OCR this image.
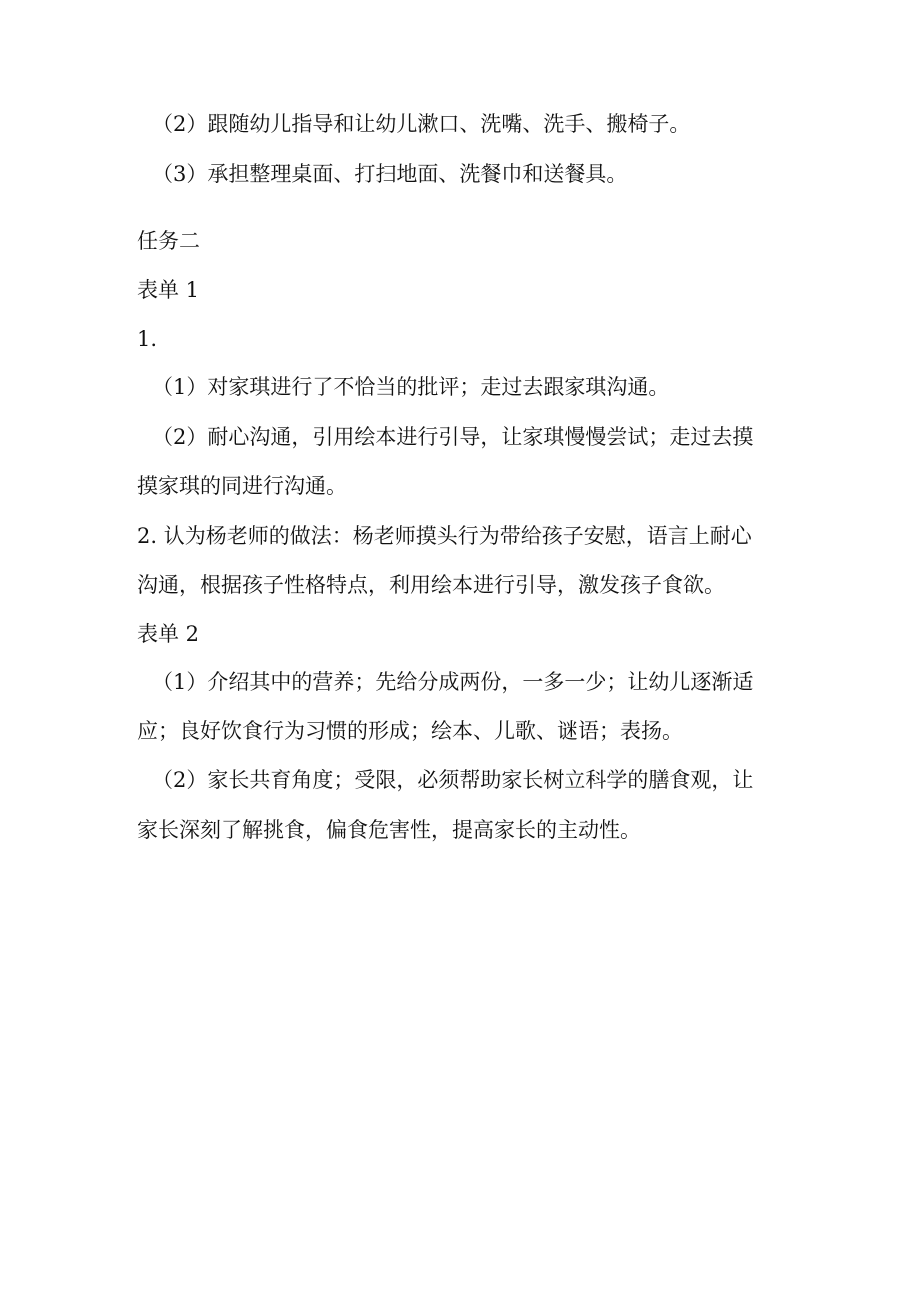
（2）跟随幼儿指导和让幼儿漱口、洗嘴、洗手、搬椅子。
（3）承担整理桌面、打扫地面、洗餐巾和送餐具。
任务二
表单 1
1.
（1）对家琪进行了不恰当的批评；走过去跟家琪沟通。
（2）耐心沟通，引用绘本进行引导，让家琪慢慢尝试；走过去摸
摸家琪的同进行沟通。
2. 认为杨老师的做法：杨老师摸头行为带给孩子安慰，语言上耐心
沟通，根据孩子性格特点，利用绘本进行引导，激发孩子食欲。
表单 2
（1）介绍其中的营养；先给分成两份，一多一少；让幼儿逐渐适
应；良好饮食行为习惯的形成；绘本、儿歌、谜语；表扬。
（2）家长共育角度；受限，必须帮助家长树立科学的膳食观，让
家长深刻了解挑食，偏食危害性，提高家长的主动性。
